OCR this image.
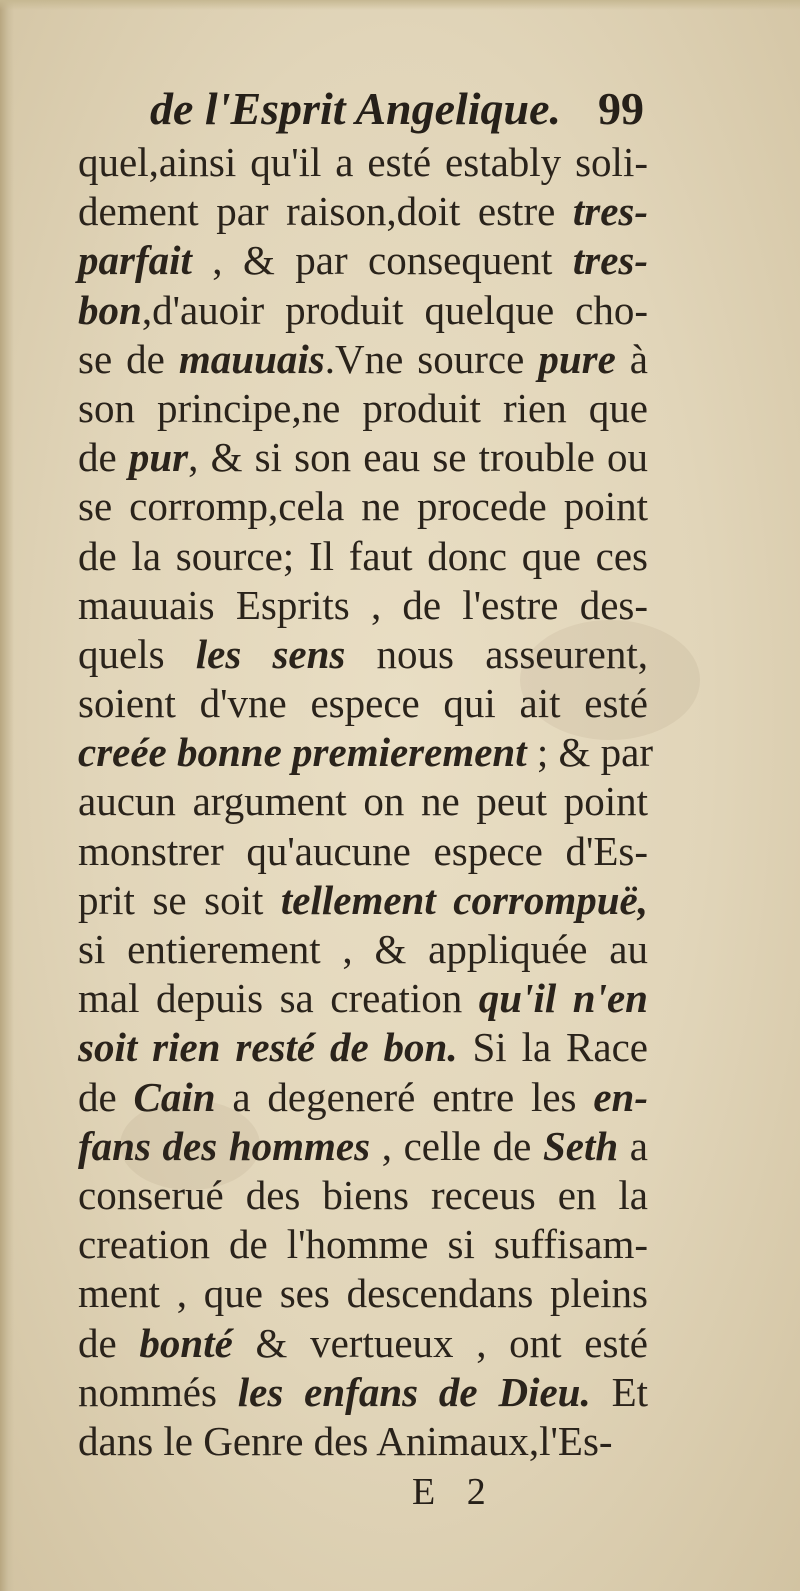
de l'Esprit Angelique. 99
quel,ainsi qu'il a esté estably soli-
dement par raison,doit estre tres-
parfait , & par consequent tres-
bon,d'auoir produit quelque cho-
se de mauuais.Vne source pure à
son principe,ne produit rien que
de pur, & si son eau se trouble ou
se corromp,cela ne procede point
de la source; Il faut donc que ces
mauuais Esprits , de l'estre des-
quels les sens nous asseurent,
soient d'vne espece qui ait esté
creée bonne premierement ; & par
aucun argument on ne peut point
monstrer qu'aucune espece d'Es-
prit se soit tellement corrompuë,
si entierement , & appliquée au
mal depuis sa creation qu'il n'en
soit rien resté de bon. Si la Race
de Cain a degeneré entre les en-
fans des hommes , celle de Seth a
conserué des biens receus en la
creation de l'homme si suffisam-
ment , que ses descendans pleins
de bonté & vertueux , ont esté
nommés les enfans de Dieu. Et
dans le Genre des Animaux,l'Es-
E 2
